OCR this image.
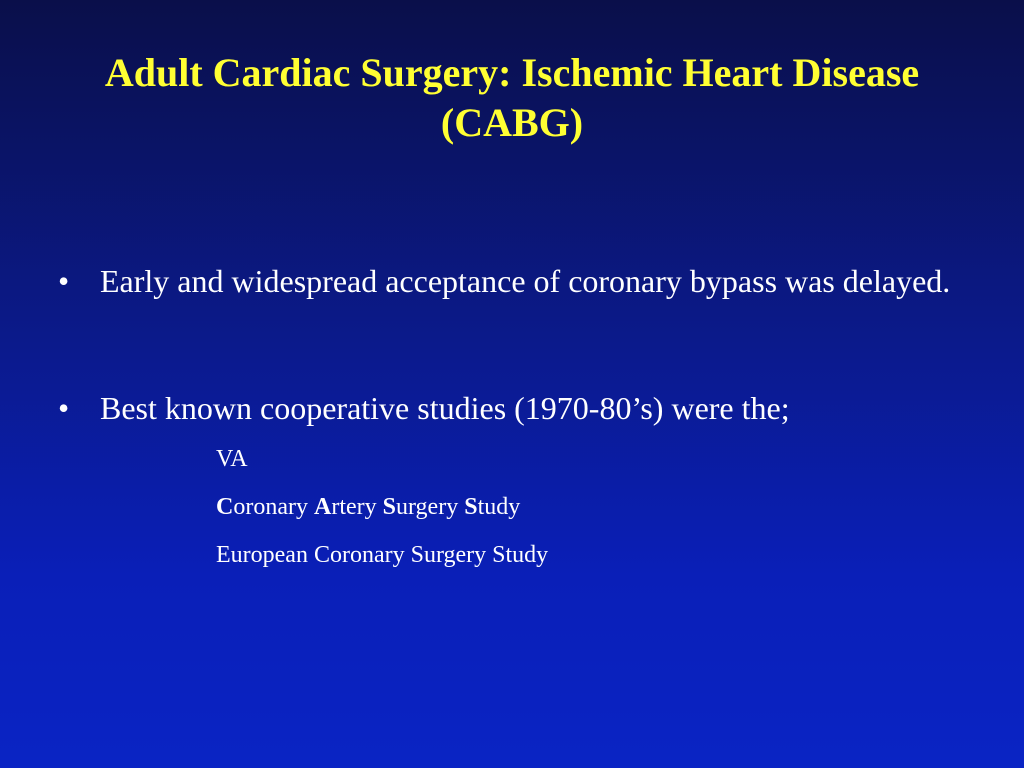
Adult Cardiac Surgery: Ischemic Heart Disease (CABG)
• Early and widespread acceptance of coronary bypass was delayed.
• Best known cooperative studies (1970-80’s) were the;
VA
Coronary Artery Surgery Study
European Coronary Surgery Study
